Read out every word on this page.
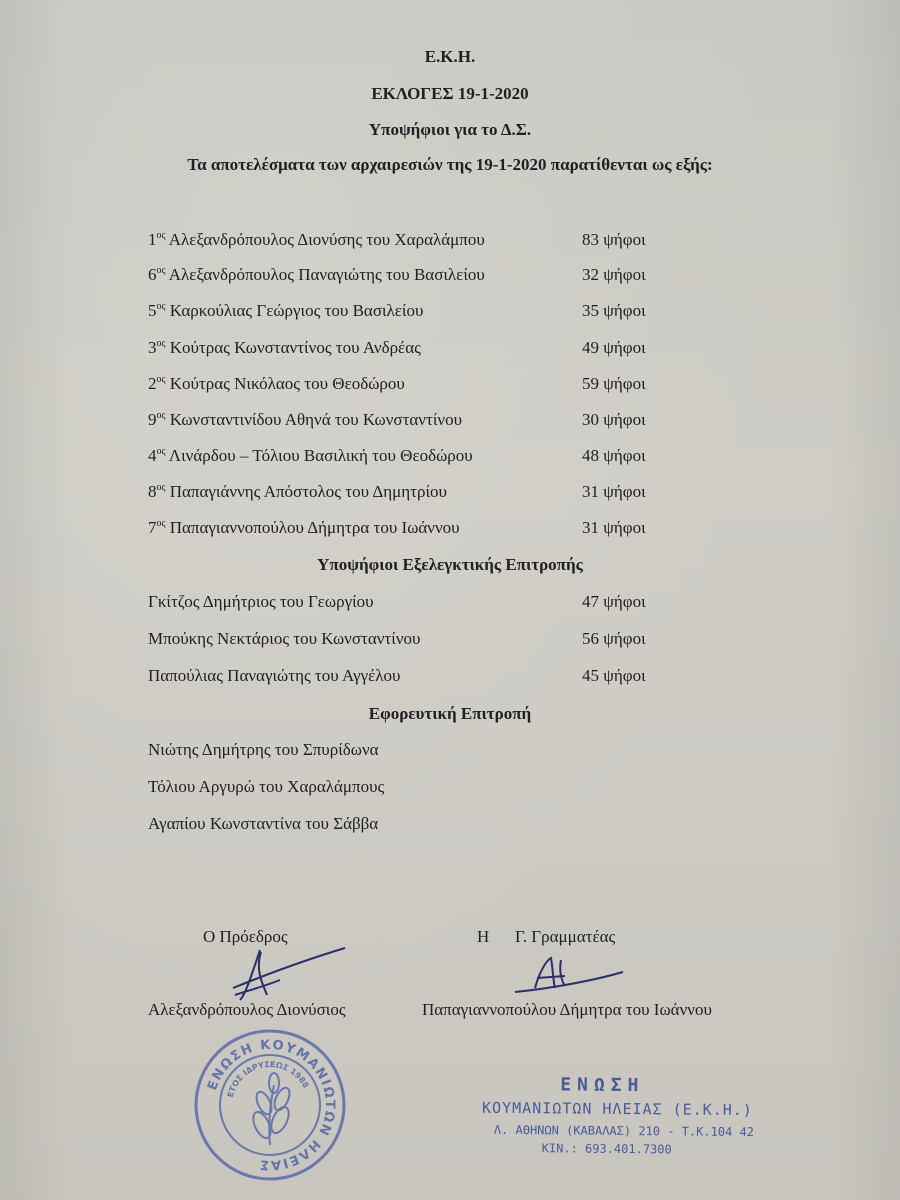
Ε.Κ.Η.
ΕΚΛΟΓΕΣ 19-1-2020
Υποψήφιοι για το Δ.Σ.
Τα αποτελέσματα των αρχαιρεσιών της 19-1-2020 παρατίθενται ως εξής:
$1^{o\varsigma}$ Αλεξανδρόπουλος Διονύσης του Χαραλάμπου	83 ψήφοι
$6^{o\varsigma}$ Αλεξανδρόπουλος Παναγιώτης του Βασιλείου	32 ψήφοι
$5^{o\varsigma}$ Καρκούλιας Γεώργιος του Βασιλείου	35 ψήφοι
$3^{o\varsigma}$ Κούτρας Κωνσταντίνος του Ανδρέας	49 ψήφοι
$2^{o\varsigma}$ Κούτρας Νικόλαος του Θεοδώρου	59 ψήφοι
$9^{o\varsigma}$ Κωνσταντινίδου Αθηνά του Κωνσταντίνου	30 ψήφοι
$4^{o\varsigma}$ Λινάρδου – Τόλιου Βασιλική του Θεοδώρου	48 ψήφοι
$8^{o\varsigma}$ Παπαγιάννης Απόστολος του Δημητρίου	31 ψήφοι
$7^{o\varsigma}$ Παπαγιαννοπούλου Δήμητρα του Ιωάννου	31 ψήφοι
Υποψήφιοι Εξελεγκτικής Επιτροπής
Γκίτζος Δημήτριος του Γεωργίου	47 ψήφοι
Μπούκης Νεκτάριος του Κωνσταντίνου	56 ψήφοι
Παπούλιας Παναγιώτης του Αγγέλου	45 ψήφοι
Εφορευτική Επιτροπή
Νιώτης Δημήτρης του Σπυρίδωνα
Τόλιου Αργυρώ του Χαραλάμπους
Αγαπίου Κωνσταντίνα του Σάββα
Ο Πρόεδρος	Η Γ. Γραμματέας
Αλεξανδρόπουλος Διονύσιος	Παπαγιαννοπούλου Δήμητρα του Ιωάννου
ΕΝΩΣΗ ΚΟΥΜΑΝΙΩΤΩΝ ΗΛΕΙΑΣ
ΕΤΟΣ ΙΔΡΥΣΕΩΣ 1988	ΕΝΩΣΗ
ΚΟΥΜΑΝΙΩΤΩΝ ΗΛΕΙΑΣ (Ε.Κ.Η.)
Λ. ΑΘΗΝΩΝ (ΚΑΒΑΛΑΣ) 210 - Τ.Κ.104 42
ΚΙΝ.: 693.401.7300
